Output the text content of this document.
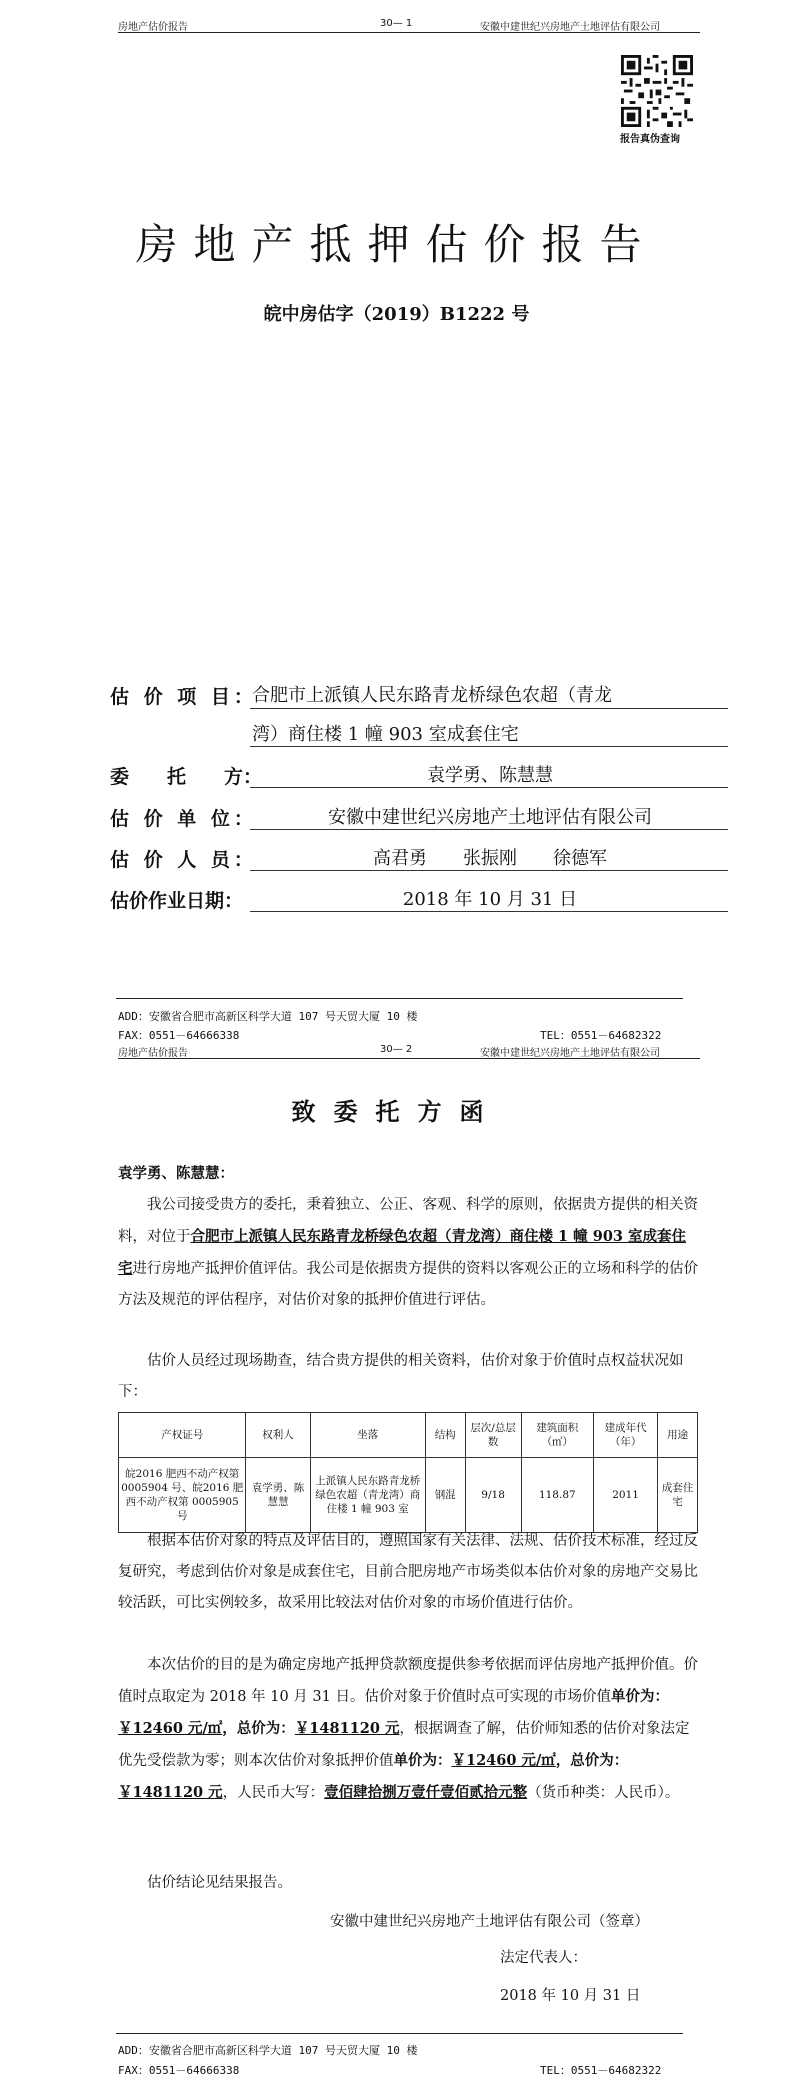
房地产估价报告	30— 1	安徽中建世纪兴房地产土地评估有限公司
报告真伪查询
房地产抵押估价报告
皖中房估字（2019）B1222 号
估 价 项 目：
合肥市上派镇人民东路青龙桥绿色农超（青龙
湾）商住楼 1 幢 903 室成套住宅
委　　托　　方：	袁学勇、陈慧慧
估 价 单 位：	安徽中建世纪兴房地产土地评估有限公司
估 价 人 员：	高君勇　　张振刚　　徐德军
估价作业日期：	2018 年 10 月 31 日
ADD：安徽省合肥市高新区科学大道 107 号天贸大厦 10 楼
FAX：0551－64666338	TEL：0551－64682322
房地产估价报告	30— 2	安徽中建世纪兴房地产土地评估有限公司
致委托方函
袁学勇、陈慧慧：

我公司接受贵方的委托，秉着独立、公正、客观、科学的原则，依据贵方提供的相关资料，对位于合肥市上派镇人民东路青龙桥绿色农超（青龙湾）商住楼 1 幢 903 室成套住宅进行房地产抵押价值评估。我公司是依据贵方提供的资料以客观公正的立场和科学的估价方法及规范的评估程序，对估价对象的抵押价值进行评估。

估价人员经过现场勘查，结合贵方提供的相关资料，估价对象于价值时点权益状况如下：

产权证号	权利人	坐落	结构	层次/总层数	建筑面积（㎡）	建成年代（年）	用途
皖2016 肥西不动产权第 0005904 号、皖2016 肥西不动产权第 0005905 号	袁学勇、陈慧慧	上派镇人民东路青龙桥绿色农超（青龙湾）商住楼 1 幢 903 室	钢混	9/18	118.87	2011	成套住宅

根据本估价对象的特点及评估目的，遵照国家有关法律、法规、估价技术标准，经过反复研究，考虑到估价对象是成套住宅，目前合肥房地产市场类似本估价对象的房地产交易比较活跃，可比实例较多，故采用比较法对估价对象的市场价值进行估价。

本次估价的目的是为确定房地产抵押贷款额度提供参考依据而评估房地产抵押价值。价值时点取定为 2018 年 10 月 31 日。估价对象于价值时点可实现的市场价值单价为：￥12460 元/㎡，总价为：￥1481120 元，根据调查了解，估价师知悉的估价对象法定优先受偿款为零；则本次估价对象抵押价值单价为：￥12460 元/㎡，总价为：￥1481120 元，人民币大写：壹佰肆拾捌万壹仟壹佰贰拾元整（货币种类：人民币）。

估价结论见结果报告。

安徽中建世纪兴房地产土地评估有限公司（签章）
法定代表人：
2018 年 10 月 31 日
ADD：安徽省合肥市高新区科学大道 107 号天贸大厦 10 楼
FAX：0551－64666338	TEL：0551－64682322
